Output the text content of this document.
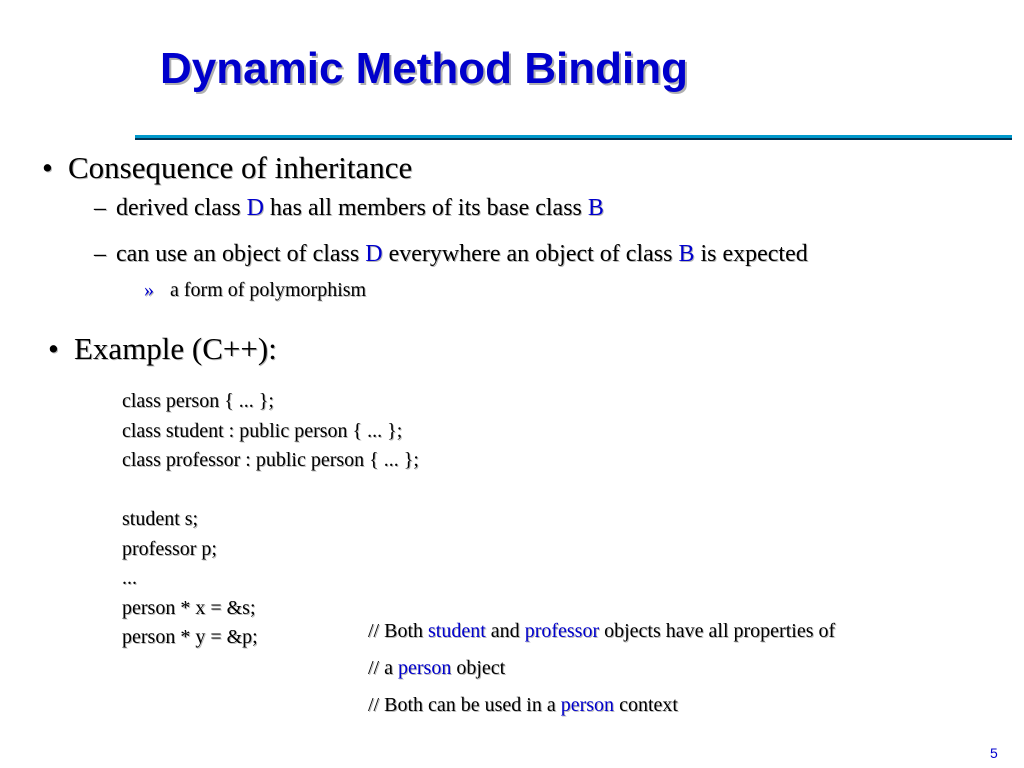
Dynamic Method Binding
• Consequence of inheritance
– derived class D has all members of its base class B
– can use an object of class D everywhere an object of class B is expected
» a form of polymorphism
• Example (C++):
class person { ... };
class student : public person { ... };
class professor : public person { ... };
student s;
professor p;
...
person * x = &s;
person * y = &p;	// Both student and professor objects have all properties of
// a person object
// Both can be used in a person context
5
